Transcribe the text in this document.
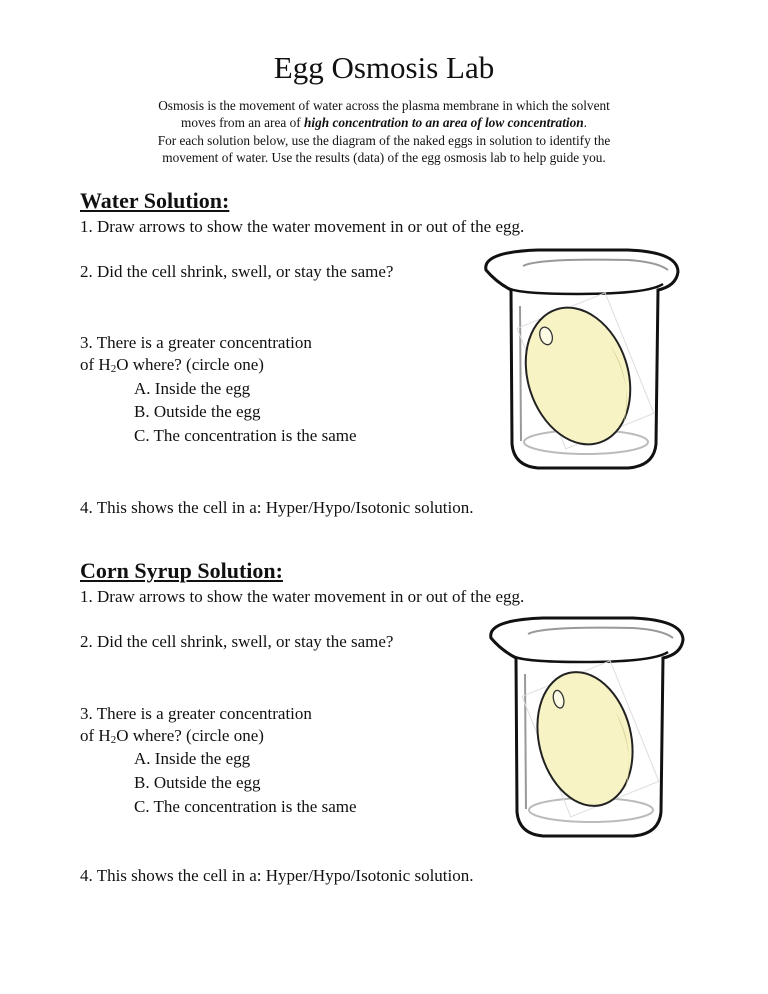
Egg Osmosis Lab
Osmosis is the movement of water across the plasma membrane in which the solvent
moves from an area of high concentration to an area of low concentration.
For each solution below, use the diagram of the naked eggs in solution to identify the
movement of water. Use the results (data) of the egg osmosis lab to help guide you.
Water Solution:
1. Draw arrows to show the water movement in or out of the egg.
2. Did the cell shrink, swell, or stay the same?
3. There is a greater concentration
of $H_2O$ where? (circle one)
A. Inside the egg
B. Outside the egg
C. The concentration is the same
4. This shows the cell in a: Hyper/Hypo/Isotonic solution.
Corn Syrup Solution:
1. Draw arrows to show the water movement in or out of the egg.
2. Did the cell shrink, swell, or stay the same?
3. There is a greater concentration
of $H_2O$ where? (circle one)
A. Inside the egg
B. Outside the egg
C. The concentration is the same
4. This shows the cell in a: Hyper/Hypo/Isotonic solution.
